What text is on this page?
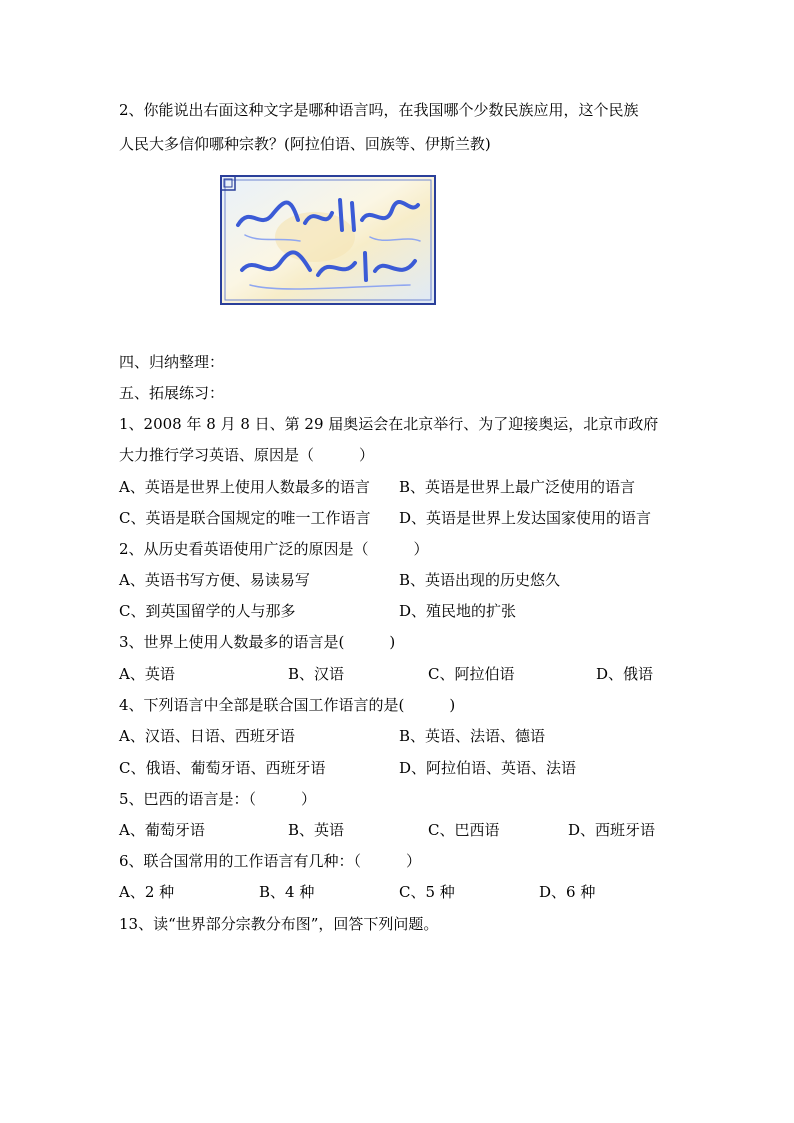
2、你能说出右面这种文字是哪种语言吗，在我国哪个少数民族应用，这个民族
人民大多信仰哪种宗教？(阿拉伯语、回族等、伊斯兰教)
四、归纳整理：
五、拓展练习：
1、2008 年 8 月 8 日、第 29 届奥运会在北京举行、为了迎接奥运，北京市政府
大力推行学习英语、原因是（　　　）
A、英语是世界上使用人数最多的语言 B、英语是世界上最广泛使用的语言
C、英语是联合国规定的唯一工作语言 D、英语是世界上发达国家使用的语言
2、从历史看英语使用广泛的原因是（　　　）
A、英语书写方便、易读易写	B、英语出现的历史悠久
C、到英国留学的人与那多	D、殖民地的扩张
3、世界上使用人数最多的语言是(　　　)
A、英语	B、汉语	C、阿拉伯语	D、俄语
4、下列语言中全部是联合国工作语言的是(　　　)
A、汉语、日语、西班牙语	B、英语、法语、德语
C、俄语、葡萄牙语、西班牙语	D、阿拉伯语、英语、法语
5、巴西的语言是：（　　　）
A、葡萄牙语	B、英语	C、巴西语	D、西班牙语
6、联合国常用的工作语言有几种：（　　　）
A、2 种	B、4 种	C、5 种	D、6 种
13、读“世界部分宗教分布图”，回答下列问题。
